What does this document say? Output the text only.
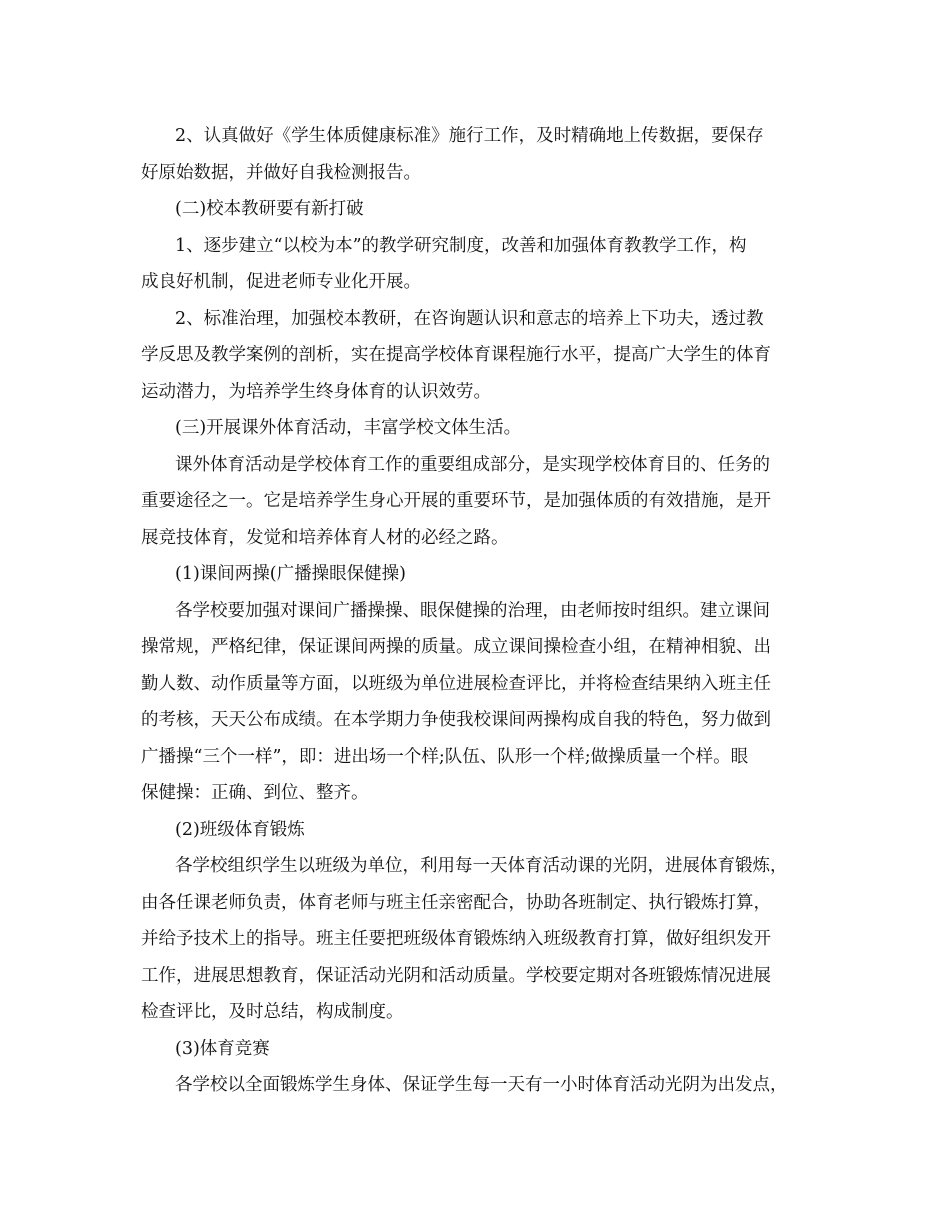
2、认真做好《学生体质健康标准》施行工作，及时精确地上传数据，要保存
好原始数据，并做好自我检测报告。
(二)校本教研要有新打破
1、逐步建立“以校为本”的教学研究制度，改善和加强体育教教学工作，构
成良好机制，促进老师专业化开展。
2、标准治理，加强校本教研，在咨询题认识和意志的培养上下功夫，透过教
学反思及教学案例的剖析，实在提高学校体育课程施行水平，提高广大学生的体育
运动潜力，为培养学生终身体育的认识效劳。
(三)开展课外体育活动，丰富学校文体生活。
课外体育活动是学校体育工作的重要组成部分，是实现学校体育目的、任务的
重要途径之一。它是培养学生身心开展的重要环节，是加强体质的有效措施，是开
展竞技体育，发觉和培养体育人材的必经之路。
(1)课间两操(广播操眼保健操)
各学校要加强对课间广播操操、眼保健操的治理，由老师按时组织。建立课间
操常规，严格纪律，保证课间两操的质量。成立课间操检查小组，在精神相貌、出
勤人数、动作质量等方面，以班级为单位进展检查评比，并将检查结果纳入班主任
的考核，天天公布成绩。在本学期力争使我校课间两操构成自我的特色，努力做到
广播操“三个一样”，即：进出场一个样;队伍、队形一个样;做操质量一个样。眼
保健操：正确、到位、整齐。
(2)班级体育锻炼
各学校组织学生以班级为单位，利用每一天体育活动课的光阴，进展体育锻炼，
由各任课老师负责，体育老师与班主任亲密配合，协助各班制定、执行锻炼打算，
并给予技术上的指导。班主任要把班级体育锻炼纳入班级教育打算，做好组织发开
工作，进展思想教育，保证活动光阴和活动质量。学校要定期对各班锻炼情况进展
检查评比，及时总结，构成制度。
(3)体育竞赛
各学校以全面锻炼学生身体、保证学生每一天有一小时体育活动光阴为出发点，
